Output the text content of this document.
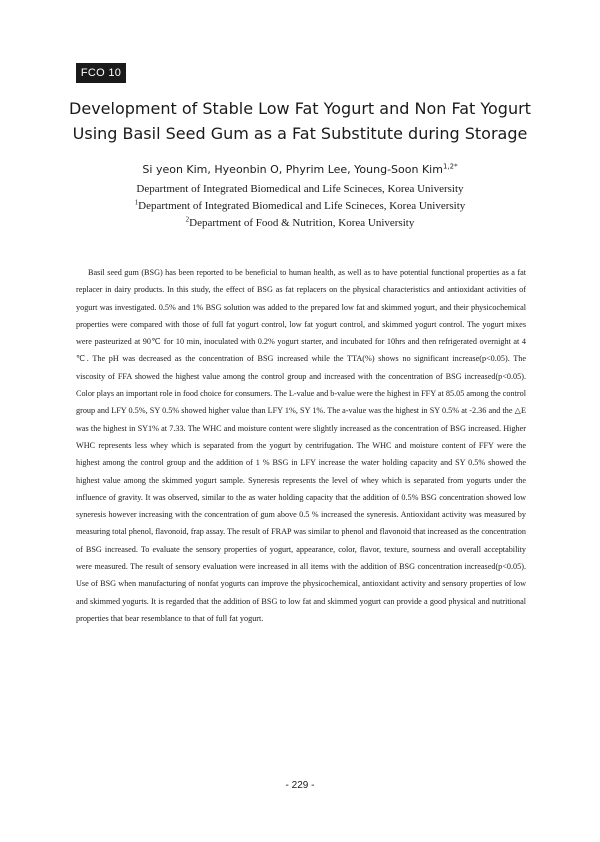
FCO 10
Development of Stable Low Fat Yogurt and Non Fat Yogurt
Using Basil Seed Gum as a Fat Substitute during Storage
Si yeon Kim, Hyeonbin O, Phyrim Lee, Young-Soon Kim$^{1,2*}$
Department of Integrated Biomedical and Life Scineces, Korea University
$^1$Department of Integrated Biomedical and Life Scineces, Korea University
$^2$Department of Food & Nutrition, Korea University

Basil seed gum (BSG) has been reported to be beneficial to human health, as well as to have potential functional properties as a fat replacer in dairy products. In this study, the effect of BSG as fat replacers on the physical characteristics and antioxidant activities of yogurt was investigated. 0.5% and 1% BSG solution was added to the prepared low fat and skimmed yogurt, and their physicochemical properties were compared with those of full fat yogurt control, low fat yogurt control, and skimmed yogurt control. The yogurt mixes were pasteurized at 90℃ for 10 min, inoculated with 0.2% yogurt starter, and incubated for 10hrs and then refrigerated overnight at 4 ℃. The pH was decreased as the concentration of BSG increased while the TTA(%) shows no significant increase(p<0.05). The viscosity of FFA showed the highest value among the control group and increased with the concentration of BSG increased(p<0.05). Color plays an important role in food choice for consumers. The L-value and b-value were the highest in FFY at 85.05 among the control group and LFY 0.5%, SY 0.5% showed higher value than LFY 1%, SY 1%. The a-value was the highest in SY 0.5% at -2.36 and the △E was the highest in SY1% at 7.33. The WHC and moisture content were slightly increased as the concentration of BSG increased. Higher WHC represents less whey which is separated from the yogurt by centrifugation. The WHC and moisture content of FFY were the highest among the control group and the addition of 1 % BSG in LFY increase the water holding capacity and SY 0.5% showed the highest value among the skimmed yogurt sample. Syneresis represents the level of whey which is separated from yogurts under the influence of gravity. It was observed, similar to the as water holding capacity that the addition of 0.5% BSG concentration showed low syneresis however increasing with the concentration of gum above 0.5 % increased the syneresis. Antioxidant activity was measured by measuring total phenol, flavonoid, frap assay. The result of FRAP was similar to phenol and flavonoid that increased as the concentration of BSG increased. To evaluate the sensory properties of yogurt, appearance, color, flavor, texture, sourness and overall acceptability were measured. The result of sensory evaluation were increased in all items with the addition of BSG concentration increased(p<0.05). Use of BSG when manufacturing of nonfat yogurts can improve the physicochemical, antioxidant activity and sensory properties of low and skimmed yogurts. It is regarded that the addition of BSG to low fat and skimmed yogurt can provide a good physical and nutritional properties that bear resemblance to that of full fat yogurt.

- 229 -
